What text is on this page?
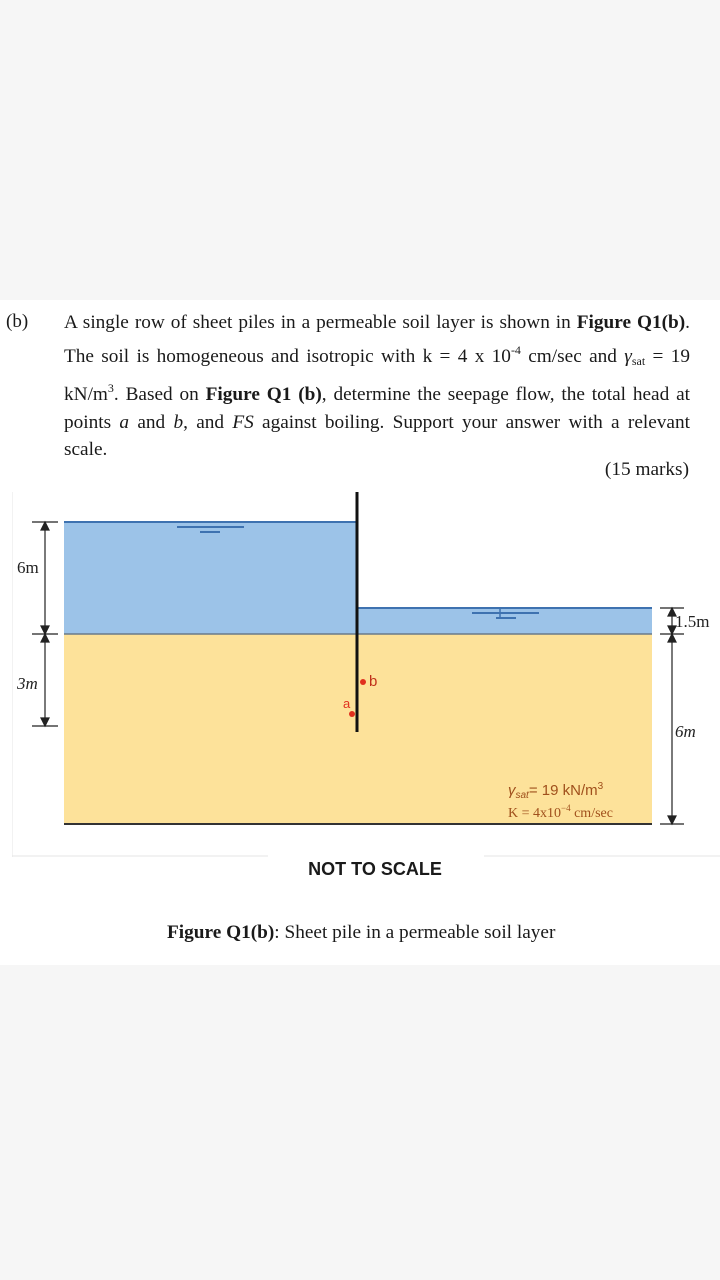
(b) A single row of sheet piles in a permeable soil layer is shown in Figure Q1(b). The soil is homogeneous and isotropic with k = 4 x $10^{-4}$ cm/sec and $\gamma_{sat} = 19$ $kN/m^3$. Based on Figure Q1 (b), determine the seepage flow, the total head at points a and b, and FS against boiling. Support your answer with a relevant scale.
(15 marks)
a
b
6m
3m
1.5m
6m
$\gamma_{sat}= 19$ $kN/m^3$
$K = 4x10^{-4}$ cm/sec
NOT TO SCALE
Figure Q1(b): Sheet pile in a permeable soil layer
